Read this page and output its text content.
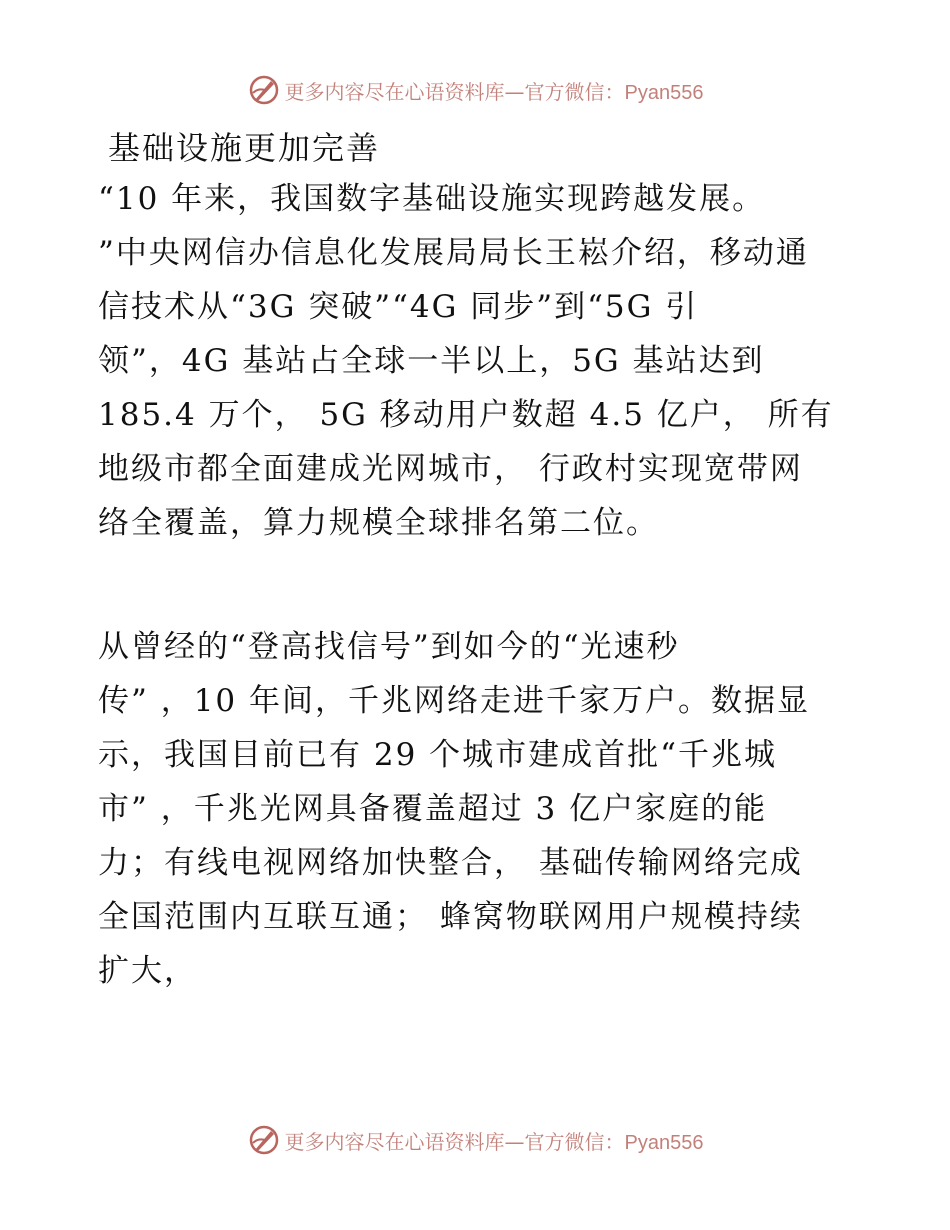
更多内容尽在心语资料库—官方微信：Pyan556
基础设施更加完善

“10 年来，我国数字基础设施实现跨越发展。
”中央网信办信息化发展局局长王崧介绍，移动通
信技术从“3G 突破”“4G 同步”到“5G 引
领”，4G 基站占全球一半以上，5G 基站达到
185.4 万个， 5G 移动用户数超 4.5 亿户， 所有
地级市都全面建成光网城市， 行政村实现宽带网
络全覆盖，算力规模全球排名第二位。

从曾经的“登高找信号”到如今的“光速秒
传” ，10 年间，千兆网络走进千家万户。数据显
示，我国目前已有 29 个城市建成首批“千兆城
市” ，千兆光网具备覆盖超过 3 亿户家庭的能
力；有线电视网络加快整合， 基础传输网络完成
全国范围内互联互通； 蜂窝物联网用户规模持续
扩大，

更多内容尽在心语资料库—官方微信：Pyan556
